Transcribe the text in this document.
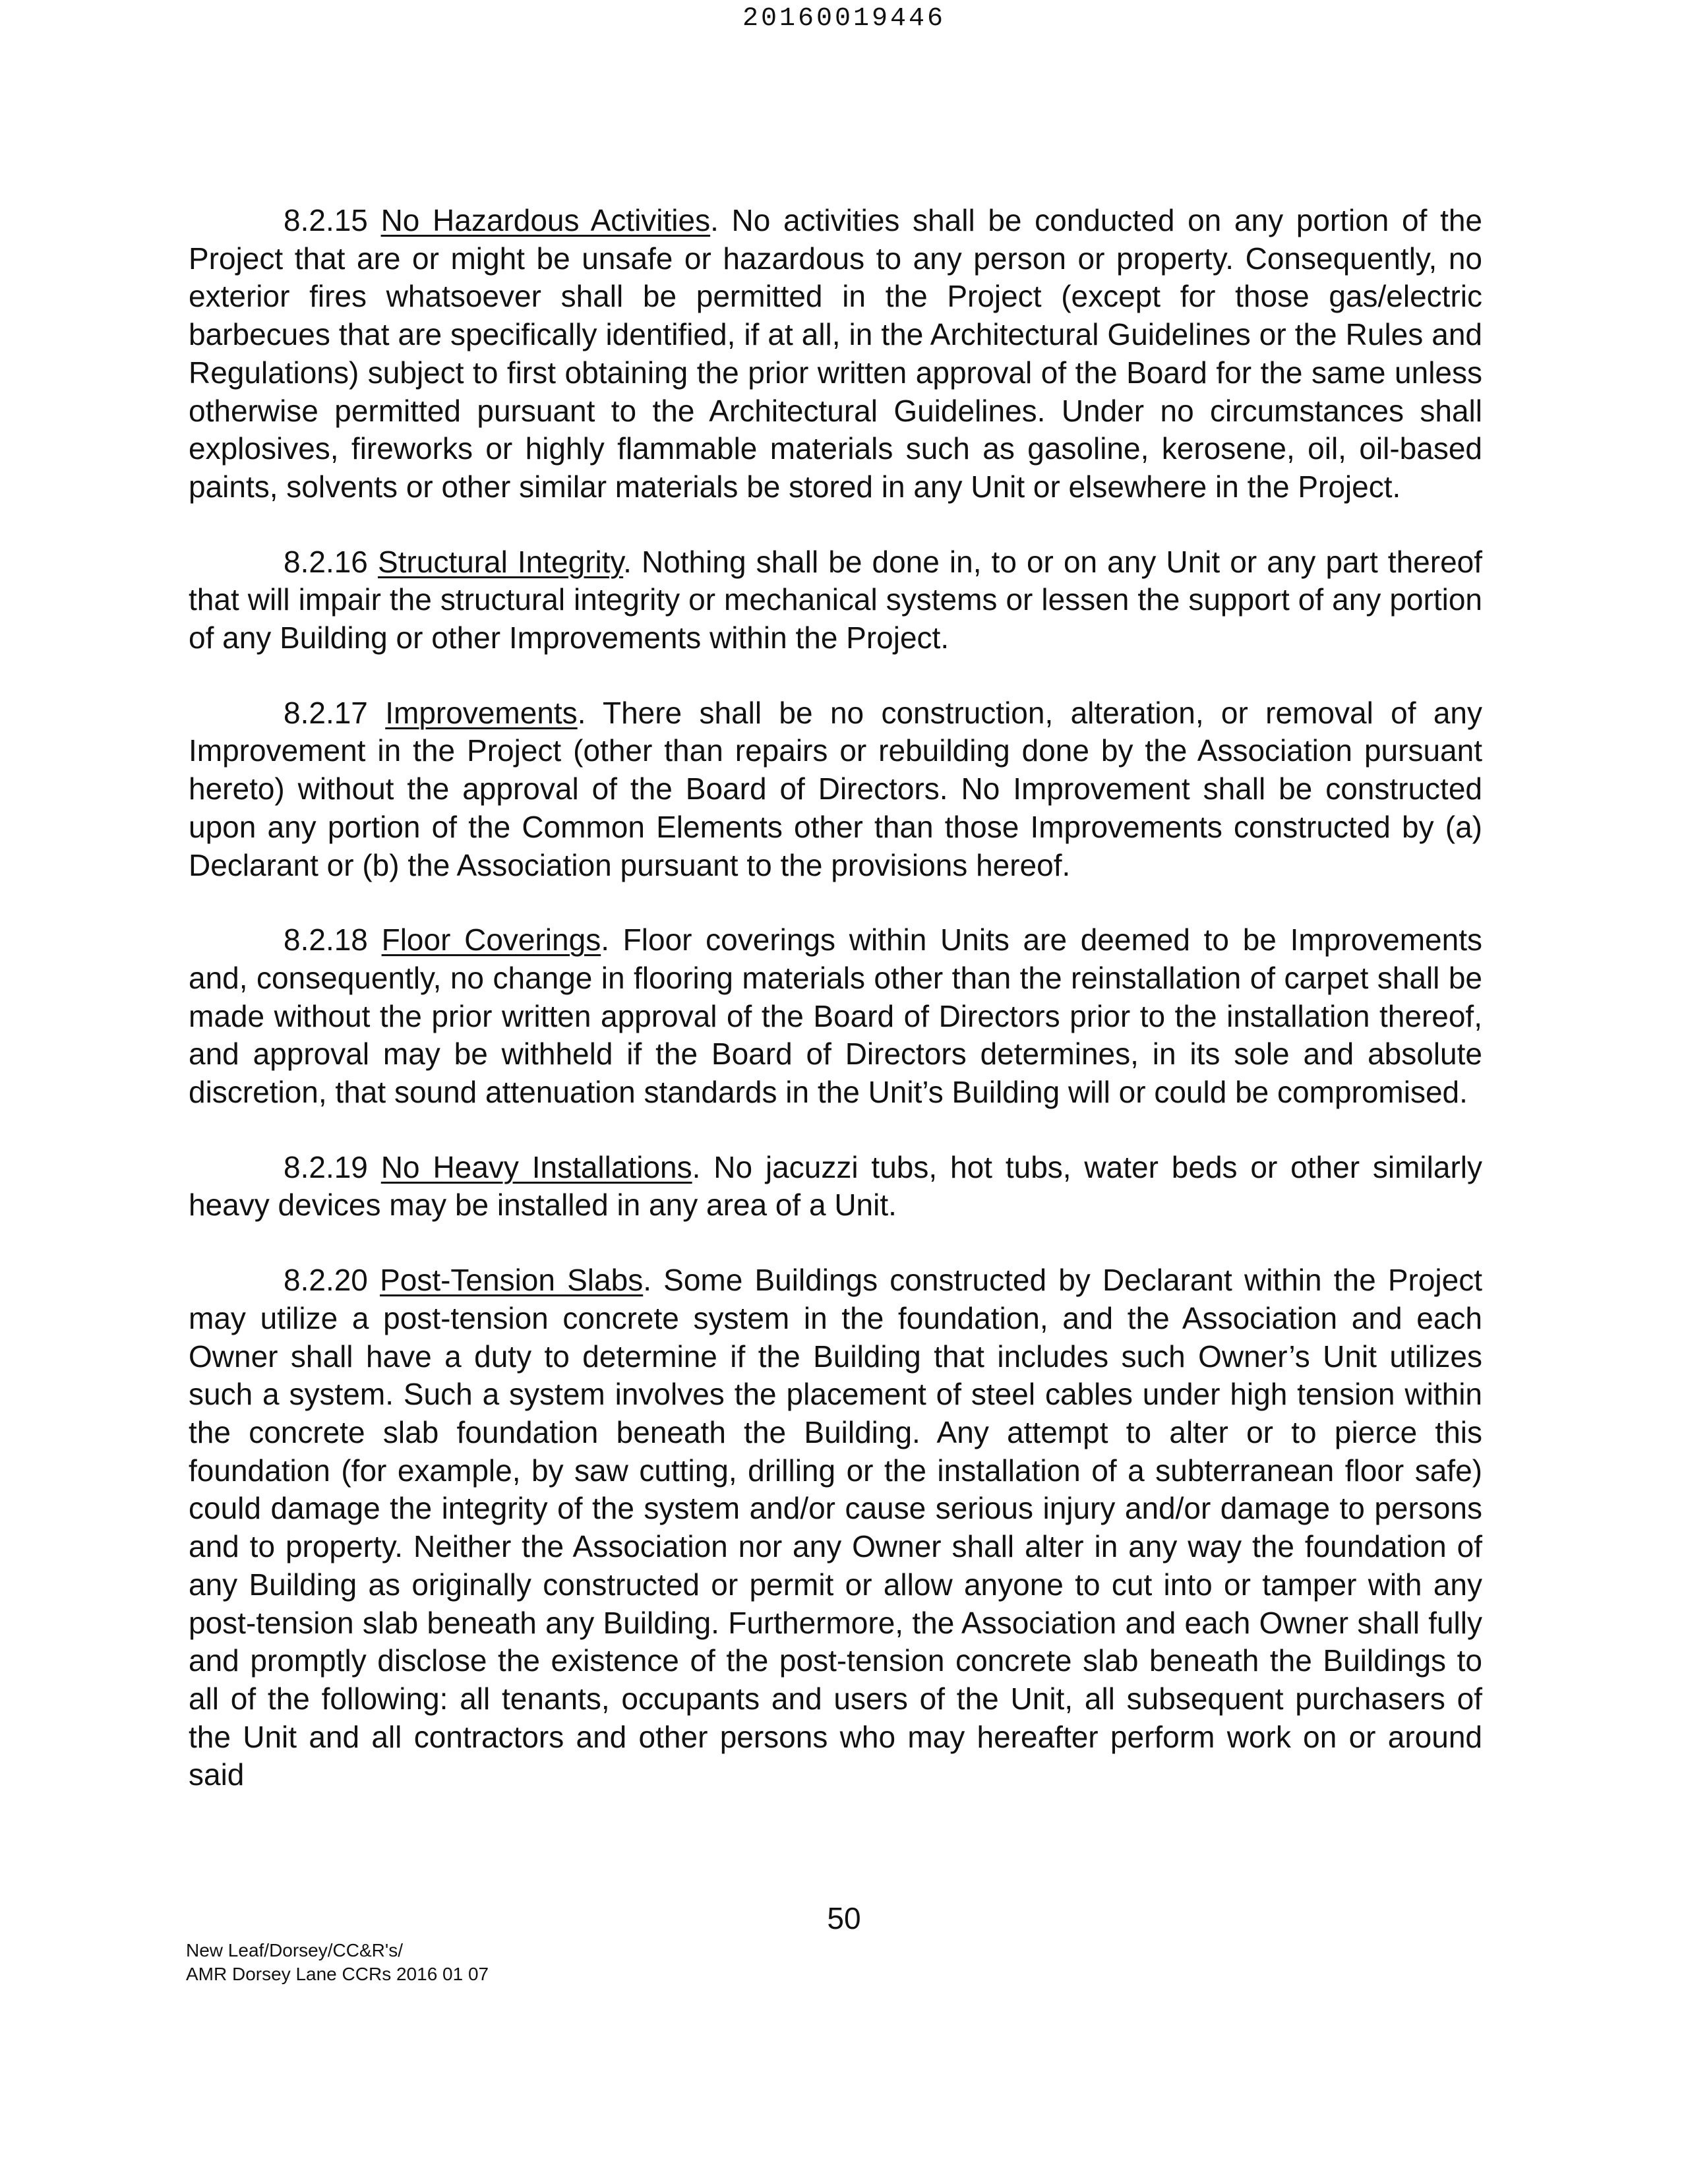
20160019446

8.2.15 No Hazardous Activities. No activities shall be conducted on any portion of the Project that are or might be unsafe or hazardous to any person or property. Consequently, no exterior fires whatsoever shall be permitted in the Project (except for those gas/electric barbecues that are specifically identified, if at all, in the Architectural Guidelines or the Rules and Regulations) subject to first obtaining the prior written approval of the Board for the same unless otherwise permitted pursuant to the Architectural Guidelines. Under no circumstances shall explosives, fireworks or highly flammable materials such as gasoline, kerosene, oil, oil-based paints, solvents or other similar materials be stored in any Unit or elsewhere in the Project.

8.2.16 Structural Integrity. Nothing shall be done in, to or on any Unit or any part thereof that will impair the structural integrity or mechanical systems or lessen the support of any portion of any Building or other Improvements within the Project.

8.2.17 Improvements. There shall be no construction, alteration, or removal of any Improvement in the Project (other than repairs or rebuilding done by the Association pursuant hereto) without the approval of the Board of Directors. No Improvement shall be constructed upon any portion of the Common Elements other than those Improvements constructed by (a) Declarant or (b) the Association pursuant to the provisions hereof.

8.2.18 Floor Coverings. Floor coverings within Units are deemed to be Improvements and, consequently, no change in flooring materials other than the reinstallation of carpet shall be made without the prior written approval of the Board of Directors prior to the installation thereof, and approval may be withheld if the Board of Directors determines, in its sole and absolute discretion, that sound attenuation standards in the Unit’s Building will or could be compromised.

8.2.19 No Heavy Installations. No jacuzzi tubs, hot tubs, water beds or other similarly heavy devices may be installed in any area of a Unit.

8.2.20 Post-Tension Slabs. Some Buildings constructed by Declarant within the Project may utilize a post-tension concrete system in the foundation, and the Association and each Owner shall have a duty to determine if the Building that includes such Owner’s Unit utilizes such a system. Such a system involves the placement of steel cables under high tension within the concrete slab foundation beneath the Building. Any attempt to alter or to pierce this foundation (for example, by saw cutting, drilling or the installation of a subterranean floor safe) could damage the integrity of the system and/or cause serious injury and/or damage to persons and to property. Neither the Association nor any Owner shall alter in any way the foundation of any Building as originally constructed or permit or allow anyone to cut into or tamper with any post-tension slab beneath any Building. Furthermore, the Association and each Owner shall fully and promptly disclose the existence of the post-tension concrete slab beneath the Buildings to all of the following: all tenants, occupants and users of the Unit, all subsequent purchasers of the Unit and all contractors and other persons who may hereafter perform work on or around said

50
New Leaf/Dorsey/CC&R's/
AMR Dorsey Lane CCRs 2016 01 07
